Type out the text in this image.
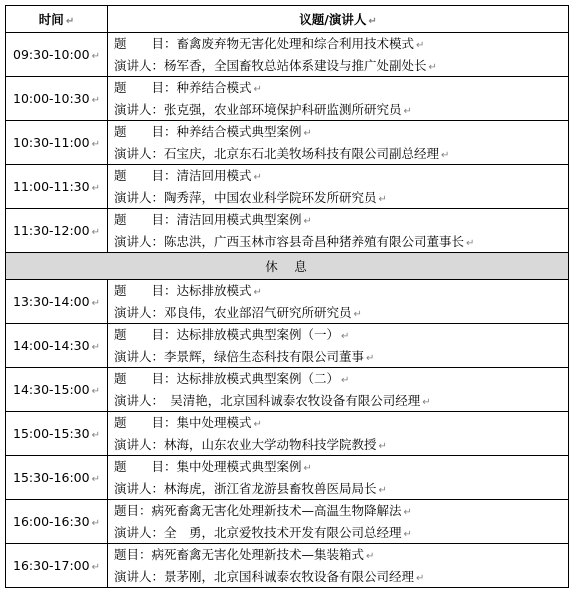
时间 ↵	议题/演讲人 ↵
09:30-10:00 ↵	题　　目：畜禽废弃物无害化处理和综合利用技术模式 ↵
演讲人：杨军香，全国畜牧总站体系建设与推广处副处长 ↵

10:00-10:30 ↵	题　　目：种养结合模式 ↵
演讲人：张克强，农业部环境保护科研监测所研究员 ↵

10:30-11:00 ↵	题　　目：种养结合模式典型案例 ↵
演讲人：石宝庆，北京东石北美牧场科技有限公司副总经理 ↵

11:00-11:30 ↵	题　　目：清洁回用模式 ↵
演讲人：陶秀萍，中国农业科学院环发所研究员 ↵

11:30-12:00 ↵	题　　目：清洁回用模式典型案例 ↵
演讲人：陈忠洪，广西玉林市容县奇昌种猪养殖有限公司董事长 ↵

休　息	
13:30-14:00 ↵	题　　目：达标排放模式 ↵
演讲人：邓良伟，农业部沼气研究所研究员 ↵

14:00-14:30 ↵	题　　目：达标排放模式典型案例（一） ↵
演讲人：李景辉，绿倍生态科技有限公司董事 ↵

14:30-15:00 ↵	题　　目：达标排放模式典型案例（二） ↵
演讲人：　吴清艳，北京国科诚泰农牧设备有限公司经理 ↵

15:00-15:30 ↵	题　　目：集中处理模式 ↵
演讲人：林海，山东农业大学动物科技学院教授 ↵

15:30-16:00 ↵	题　　目：集中处理模式典型案例 ↵
演讲人：林海虎，浙江省龙游县畜牧兽医局局长 ↵

16:00-16:30 ↵	题目：病死畜禽无害化处理新技术—高温生物降解法 ↵
演讲人：全　勇，北京爱牧技术开发有限公司总经理 ↵

16:30-17:00 ↵	题目：病死畜禽无害化处理新技术—集装箱式 ↵
演讲人：景茅刚，北京国科诚泰农牧设备有限公司经理 ↵
